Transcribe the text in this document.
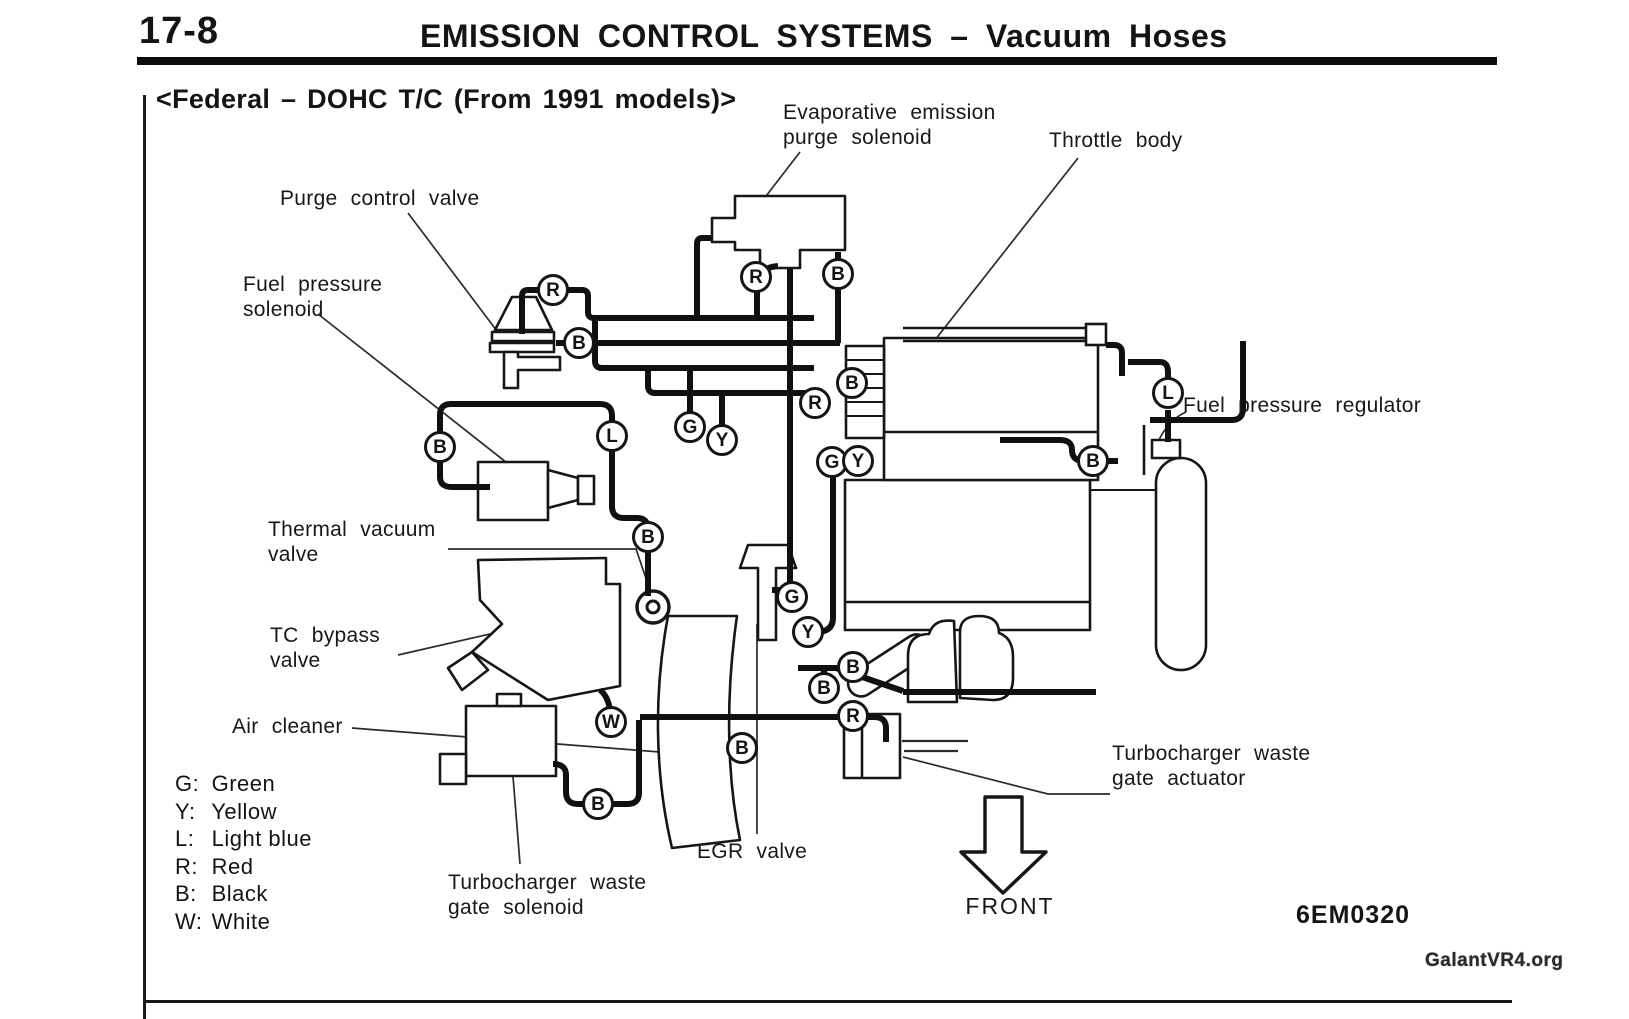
17-8	EMISSION CONTROL SYSTEMS – Vacuum Hoses
<Federal – DOHC T/C (From 1991 models)> Evaporative emission
purge solenoid	Throttle body
Purge control valve
Fuel pressure
solenoid
Fuel pressure regulator
Thermal vacuum
valve
TC bypass
valve
Air cleaner
Turbocharger waste
gate solenoid
EGR valve
Turbocharger waste
gate actuator
R
B
R	B
B
R
L	G
Y
B
G Y
L
B
B
G
Y
B
B
R
W
B
B
G: Green
Y: Yellow
L: Light blue
R: Red
B: Black
W: White
FRONT	6EM0320
GalantVR4.org
